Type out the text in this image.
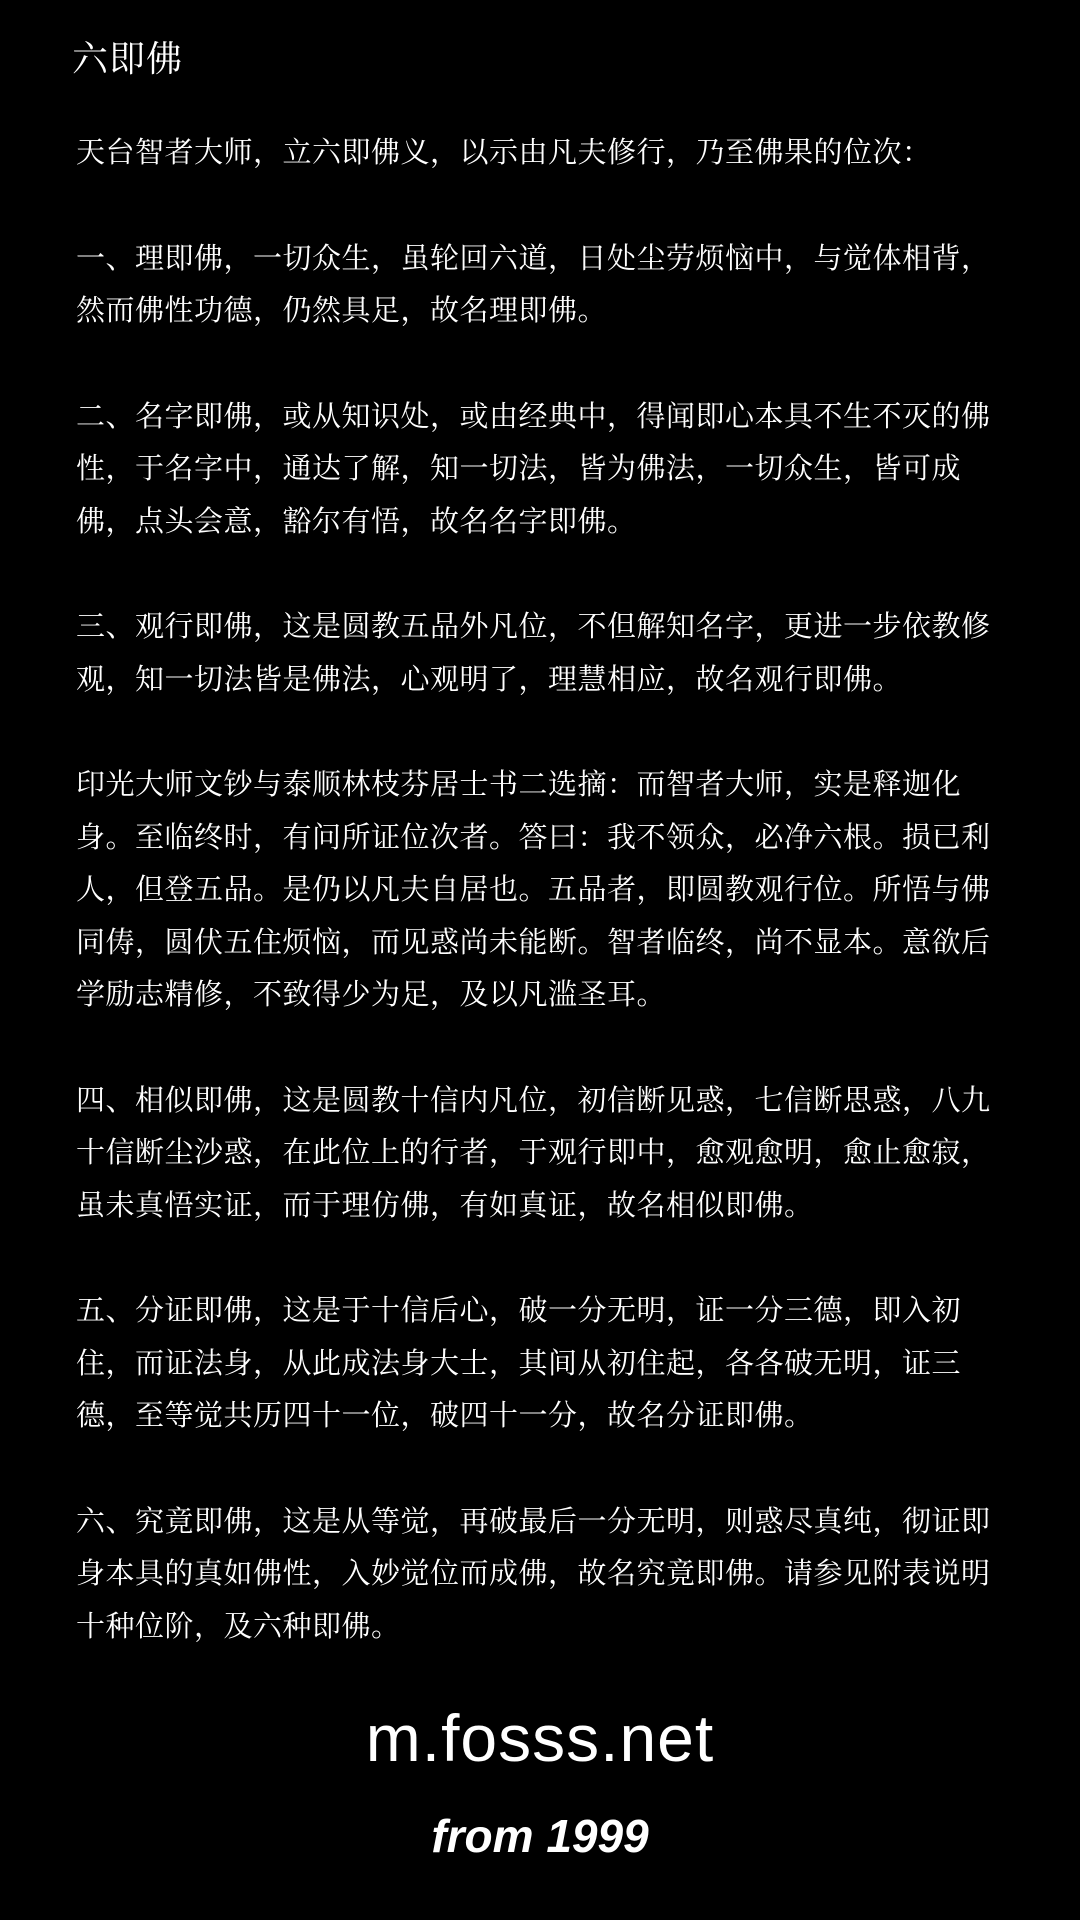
六即佛

天台智者大师，立六即佛义，以示由凡夫修行，乃至佛果的位次：

一、理即佛，一切众生，虽轮回六道，日处尘劳烦恼中，与觉体相背，然而佛性功德，仍然具足，故名理即佛。

二、名字即佛，或从知识处，或由经典中，得闻即心本具不生不灭的佛性，于名字中，通达了解，知一切法，皆为佛法，一切众生，皆可成佛，点头会意，豁尔有悟，故名名字即佛。

三、观行即佛，这是圆教五品外凡位，不但解知名字，更进一步依教修观，知一切法皆是佛法，心观明了，理慧相应，故名观行即佛。

印光大师文钞与泰顺林枝芬居士书二选摘：而智者大师，实是释迦化身。至临终时，有问所证位次者。答曰：我不领众，必净六根。损已利人，但登五品。是仍以凡夫自居也。五品者，即圆教观行位。所悟与佛同俦，圆伏五住烦恼，而见惑尚未能断。智者临终，尚不显本。意欲后学励志精修，不致得少为足，及以凡滥圣耳。

四、相似即佛，这是圆教十信内凡位，初信断见惑，七信断思惑，八九十信断尘沙惑，在此位上的行者，于观行即中，愈观愈明，愈止愈寂，虽未真悟实证，而于理仿佛，有如真证，故名相似即佛。

五、分证即佛，这是于十信后心，破一分无明，证一分三德，即入初住，而证法身，从此成法身大士，其间从初住起，各各破无明，证三德，至等觉共历四十一位，破四十一分，故名分证即佛。

六、究竟即佛，这是从等觉，再破最后一分无明，则惑尽真纯，彻证即身本具的真如佛性，入妙觉位而成佛，故名究竟即佛。请参见附表说明十种位阶，及六种即佛。

m.fosss.net
from 1999
